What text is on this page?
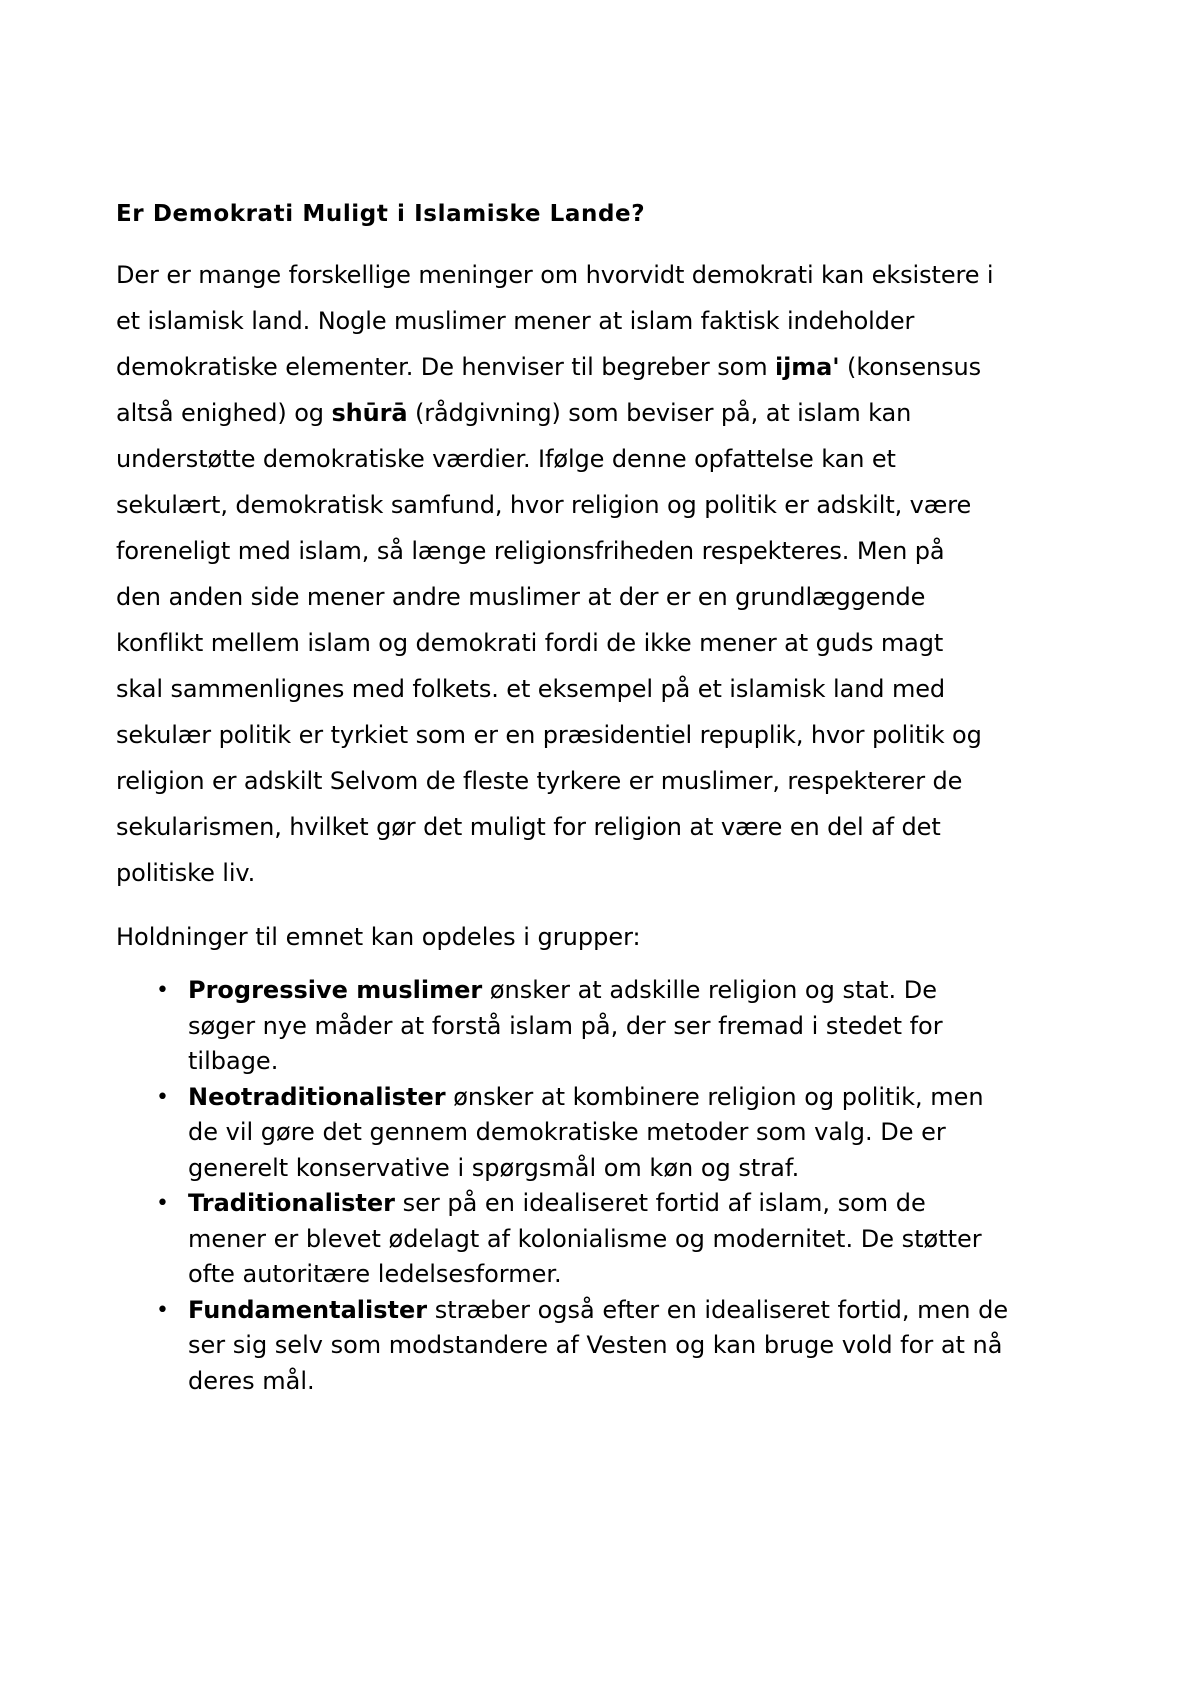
Er Demokrati Muligt i Islamiske Lande?
Der er mange forskellige meninger om hvorvidt demokrati kan eksistere i
et islamisk land. Nogle muslimer mener at islam faktisk indeholder
demokratiske elementer. De henviser til begreber som ijma' (konsensus
altså enighed) og shūrā (rådgivning) som beviser på, at islam kan
understøtte demokratiske værdier. Ifølge denne opfattelse kan et
sekulært, demokratisk samfund, hvor religion og politik er adskilt, være
foreneligt med islam, så længe religionsfriheden respekteres. Men på
den anden side mener andre muslimer at der er en grundlæggende
konflikt mellem islam og demokrati fordi de ikke mener at guds magt
skal sammenlignes med folkets. et eksempel på et islamisk land med
sekulær politik er tyrkiet som er en præsidentiel repuplik, hvor politik og
religion er adskilt Selvom de fleste tyrkere er muslimer, respekterer de
sekularismen, hvilket gør det muligt for religion at være en del af det
politiske liv.

Holdninger til emnet kan opdeles i grupper:

• Progressive muslimer ønsker at adskille religion og stat. De
søger nye måder at forstå islam på, der ser fremad i stedet for
tilbage.
• Neotraditionalister ønsker at kombinere religion og politik, men
de vil gøre det gennem demokratiske metoder som valg. De er
generelt konservative i spørgsmål om køn og straf.
• Traditionalister ser på en idealiseret fortid af islam, som de
mener er blevet ødelagt af kolonialisme og modernitet. De støtter
ofte autoritære ledelsesformer.
• Fundamentalister stræber også efter en idealiseret fortid, men de
ser sig selv som modstandere af Vesten og kan bruge vold for at nå
deres mål.
